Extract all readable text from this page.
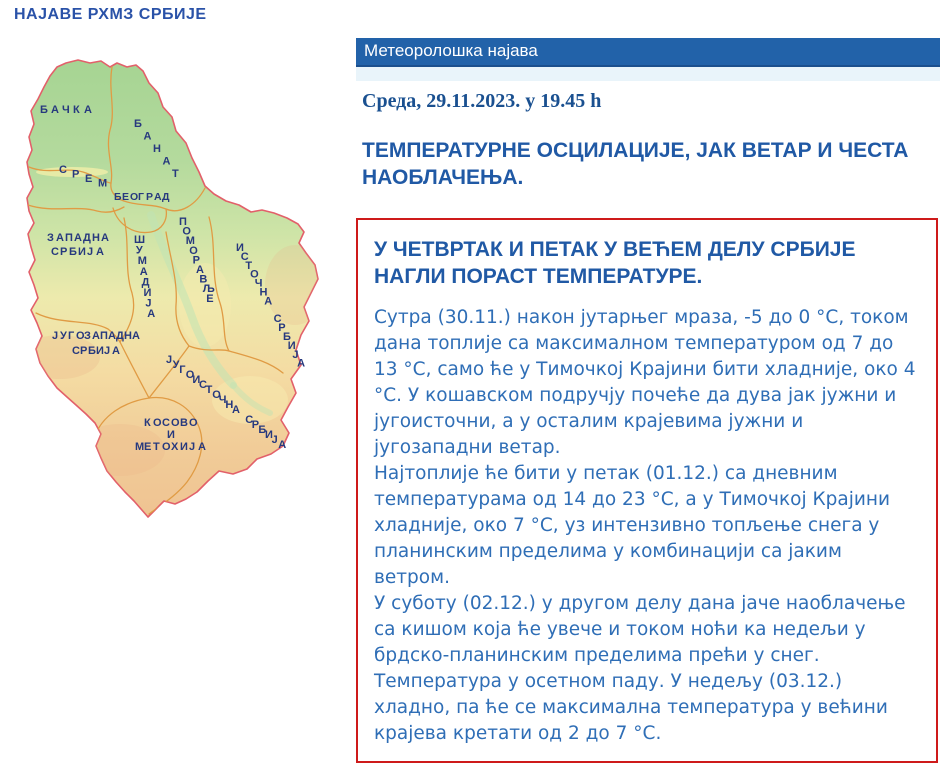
НАЈАВЕ РХМЗ СРБИЈЕ
Б А Ч К А
БАНАТ
С Р Е М
БЕОГ РАД
З АПАДНА
СР БИЈ А
Ш У М А Д И Ј А
П О М О Р А В Љ Е
И С Т О Ч Н А С Р Б И Ј А
Ј УГ ОЗАПАДНА
СРБИЈ А
ЈУГОИСТОЧНА СРБИЈА
К ОСОВО
И
МЕ Т ОХ ИЈ А
Метеоролошка најава
Среда, 29.11.2023. у 19.45 h
ТЕМПЕРАТУРНЕ ОСЦИЛАЦИЈЕ, ЈАК ВЕТАР И ЧЕСТА НАОБЛАЧЕЊА.
У ЧЕТВРТАК И ПЕТАК У ВЕЋЕМ ДЕЛУ СРБИЈЕ НАГЛИ ПОРАСТ ТЕМПЕРАТУРЕ.
Сутра (30.11.) након јутарњег мраза, -5 до 0 °C, током дана топлије са максималном температуром од 7 до 13 °C, само ће у Тимочкој Крајини бити хладније, око 4 °C. У кошавском подручју почеће да дува јак јужни и југоисточни, а у осталим крајевима јужни и југозападни ветар.
Најтоплије ће бити у петак (01.12.) са дневним температурама од 14 до 23 °C, а у Тимочкој Крајини хладније, око 7 °C, уз интензивно топљење снега у планинским пределима у комбинацији са јаким ветром.
У суботу (02.12.) у другом делу дана јаче наоблачење са кишом која ће увече и током ноћи ка недељи у брдско-планинским пределима прећи у снег. Температура у осетном паду. У недељу (03.12.) хладно, па ће се максимална температура у већини крајева кретати од 2 до 7 °C.
